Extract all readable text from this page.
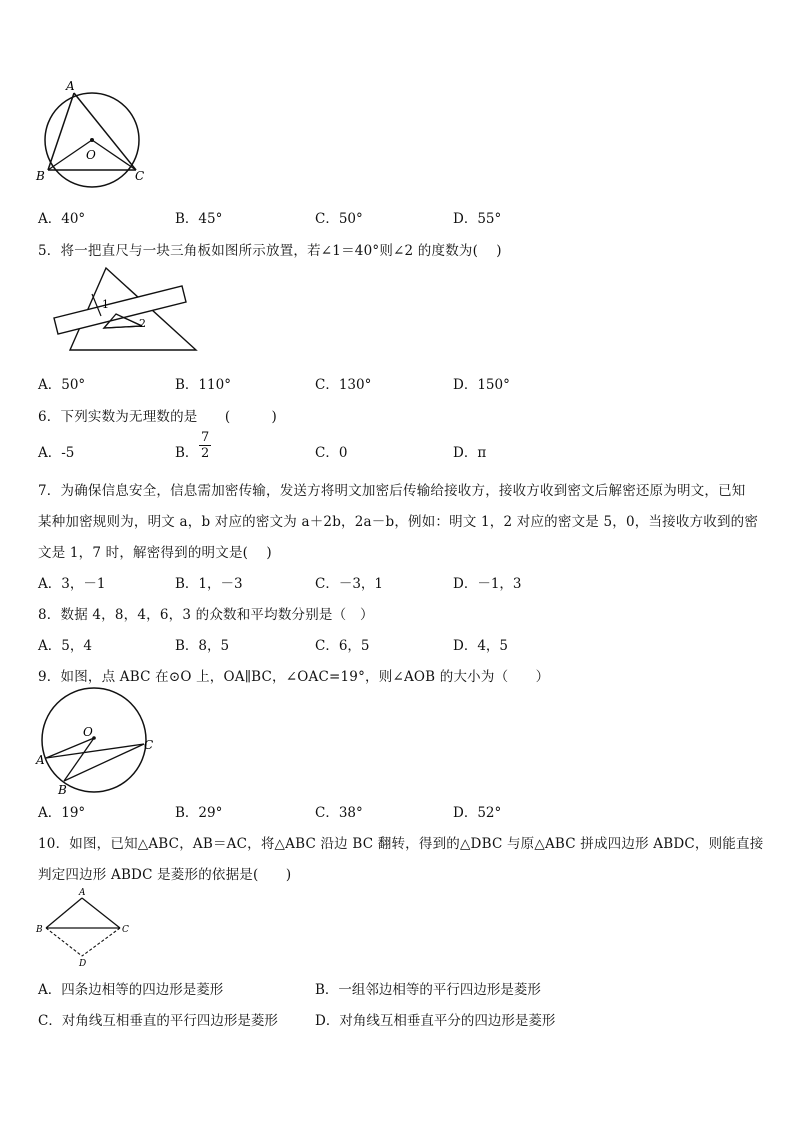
A
O
B	C
A．40°	B．45°	C．50°	D．55°
5．将一把直尺与一块三角板如图所示放置，若∠1＝40°则∠2 的度数为(　 )
1
2
A．50°	B．110°	C．130°	D．150°
6．下列实数为无理数的是　　(　　　)
A．-5	B．
7
2	C．0	D．π
7．为确保信息安全，信息需加密传输，发送方将明文加密后传输给接收方，接收方收到密文后解密还原为明文，已知
某种加密规则为，明文 a，b 对应的密文为 a＋2b，2a－b，例如：明文 1，2 对应的密文是 5，0，当接收方收到的密
文是 1，7 时，解密得到的明文是(　 )
A．3，－1	B．1，－3	C．－3，1	D．－1，3
8．数据 4，8，4，6，3 的众数和平均数分别是（　）
A．5，4	B．8，5	C．6，5	D．4，5
9．如图，点 ABC 在⊙O 上，OA∥BC，∠OAC=19°，则∠AOB 的大小为（　　）
O
A
B
C
A．19°	B．29°	C．38°	D．52°
10．如图，已知△ABC，AB＝AC，将△ABC 沿边 BC 翻转，得到的△DBC 与原△ABC 拼成四边形 ABDC，则能直接
判定四边形 ABDC 是菱形的依据是(　　)
A
B	C
D
A．四条边相等的四边形是菱形	B．一组邻边相等的平行四边形是菱形
C．对角线互相垂直的平行四边形是菱形	D．对角线互相垂直平分的四边形是菱形
